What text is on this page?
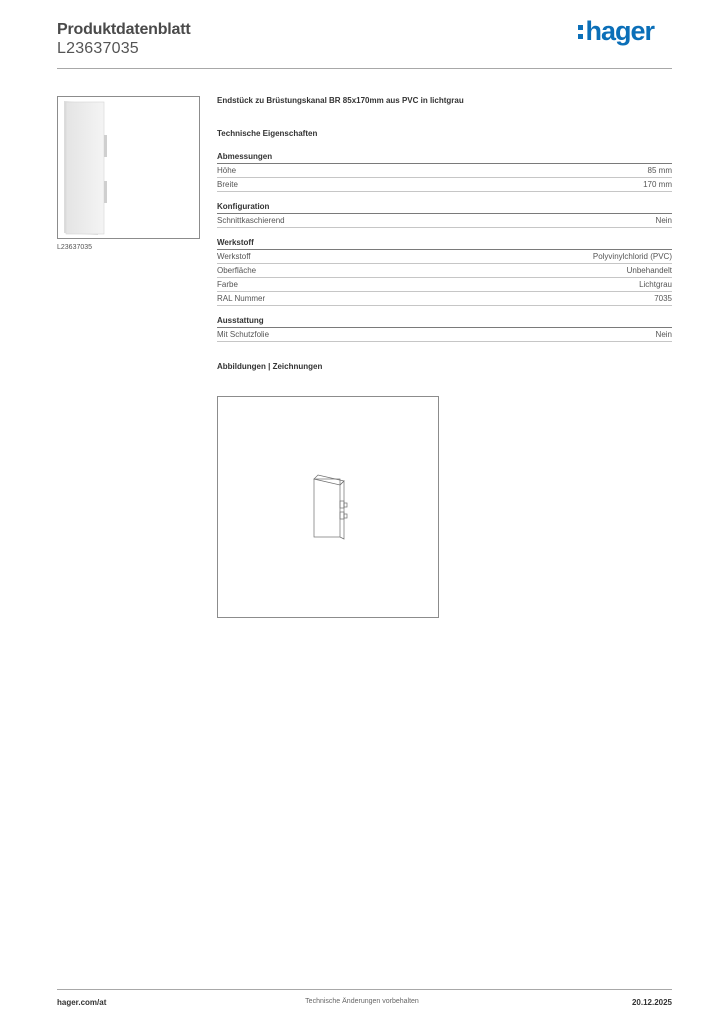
Produktdatenblatt
L23637035
hager
L23637035

Endstück zu Brüstungskanal BR 85x170mm aus PVC in lichtgrau

Technische Eigenschaften
Abmessungen
Höhe	85 mm
Breite	170 mm
Konfiguration
Schnittkaschierend	Nein
Werkstoff
Werkstoff	Polyvinylchlorid (PVC)
Oberfläche	Unbehandelt
Farbe	Lichtgrau
RAL Nummer	7035
Ausstattung
Mit Schutzfolie	Nein
Abbildungen | Zeichnungen
hager.com/at	Technische Änderungen vorbehalten	20.12.2025
